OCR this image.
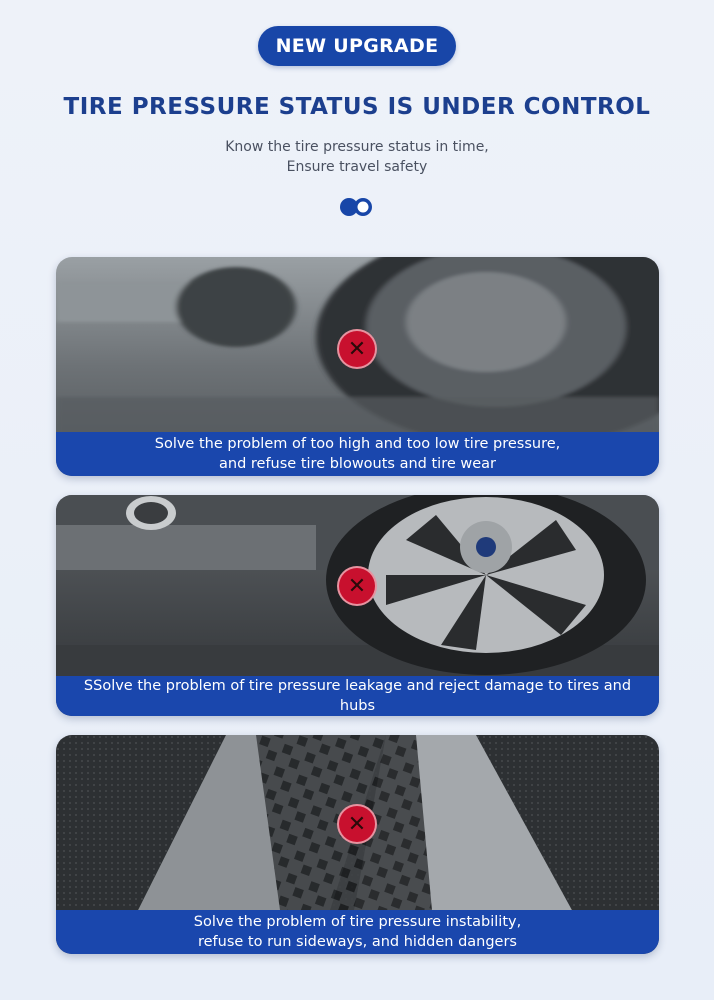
NEW UPGRADE
TIRE PRESSURE STATUS IS UNDER CONTROL
Know the tire pressure status in time,
Ensure travel safety
✕
Solve the problem of too high and too low tire pressure,
and refuse tire blowouts and tire wear
✕
SSolve the problem of tire pressure leakage and reject damage to tires and hubs
✕
Solve the problem of tire pressure instability,
refuse to run sideways, and hidden dangers
